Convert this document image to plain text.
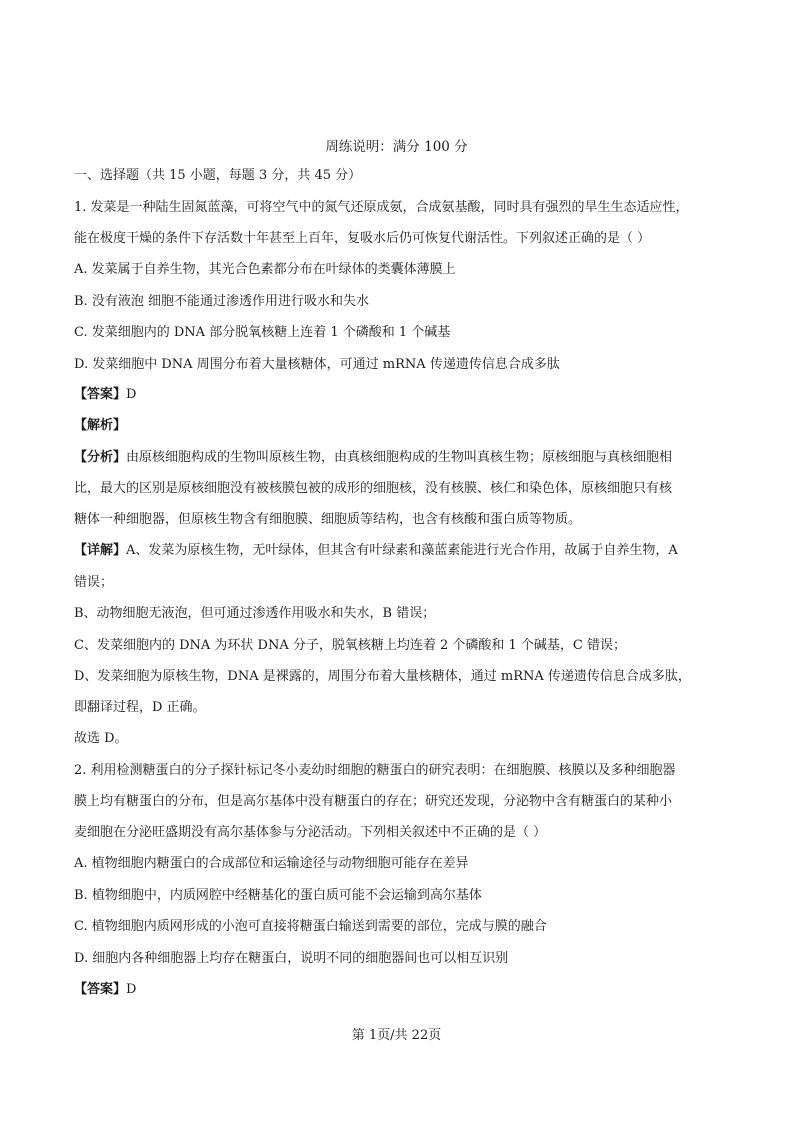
周练说明：满分 100 分
一、选择题（共 15 小题，每题 3 分，共 45 分）
1. 发菜是一种陆生固氮蓝藻，可将空气中的氮气还原成氨，合成氨基酸，同时具有强烈的旱生生态适应性，
能在极度干燥的条件下存活数十年甚至上百年，复吸水后仍可恢复代谢活性。下列叙述正确的是（ ）
A. 发菜属于自养生物，其光合色素都分布在叶绿体的类囊体薄膜上
B. 没有液泡 细胞不能通过渗透作用进行吸水和失水
C. 发菜细胞内的 DNA 部分脱氧核糖上连着 1 个磷酸和 1 个碱基
D. 发菜细胞中 DNA 周围分布着大量核糖体，可通过 mRNA 传递遗传信息合成多肽
【答案】D
【解析】
【分析】由原核细胞构成的生物叫原核生物，由真核细胞构成的生物叫真核生物；原核细胞与真核细胞相
比，最大的区别是原核细胞没有被核膜包被的成形的细胞核，没有核膜、核仁和染色体，原核细胞只有核
糖体一种细胞器，但原核生物含有细胞膜、细胞质等结构，也含有核酸和蛋白质等物质。
【详解】A、发菜为原核生物，无叶绿体，但其含有叶绿素和藻蓝素能进行光合作用，故属于自养生物，A
错误；
B、动物细胞无液泡，但可通过渗透作用吸水和失水，B 错误；
C、发菜细胞内的 DNA 为环状 DNA 分子，脱氧核糖上均连着 2 个磷酸和 1 个碱基，C 错误；
D、发菜细胞为原核生物，DNA 是裸露的，周围分布着大量核糖体，通过 mRNA 传递遗传信息合成多肽，
即翻译过程，D 正确。
故选 D。
2. 利用检测糖蛋白的分子探针标记冬小麦幼时细胞的糖蛋白的研究表明：在细胞膜、核膜以及多种细胞器
膜上均有糖蛋白的分布，但是高尔基体中没有糖蛋白的存在；研究还发现，分泌物中含有糖蛋白的某种小
麦细胞在分泌旺盛期没有高尔基体参与分泌活动。下列相关叙述中不正确的是（ ）
A. 植物细胞内糖蛋白的合成部位和运输途径与动物细胞可能存在差异
B. 植物细胞中，内质网腔中经糖基化的蛋白质可能不会运输到高尔基体
C. 植物细胞内质网形成的小泡可直接将糖蛋白输送到需要的部位，完成与膜的融合
D. 细胞内各种细胞器上均存在糖蛋白，说明不同的细胞器间也可以相互识别
【答案】D
第 1页/共 22页
